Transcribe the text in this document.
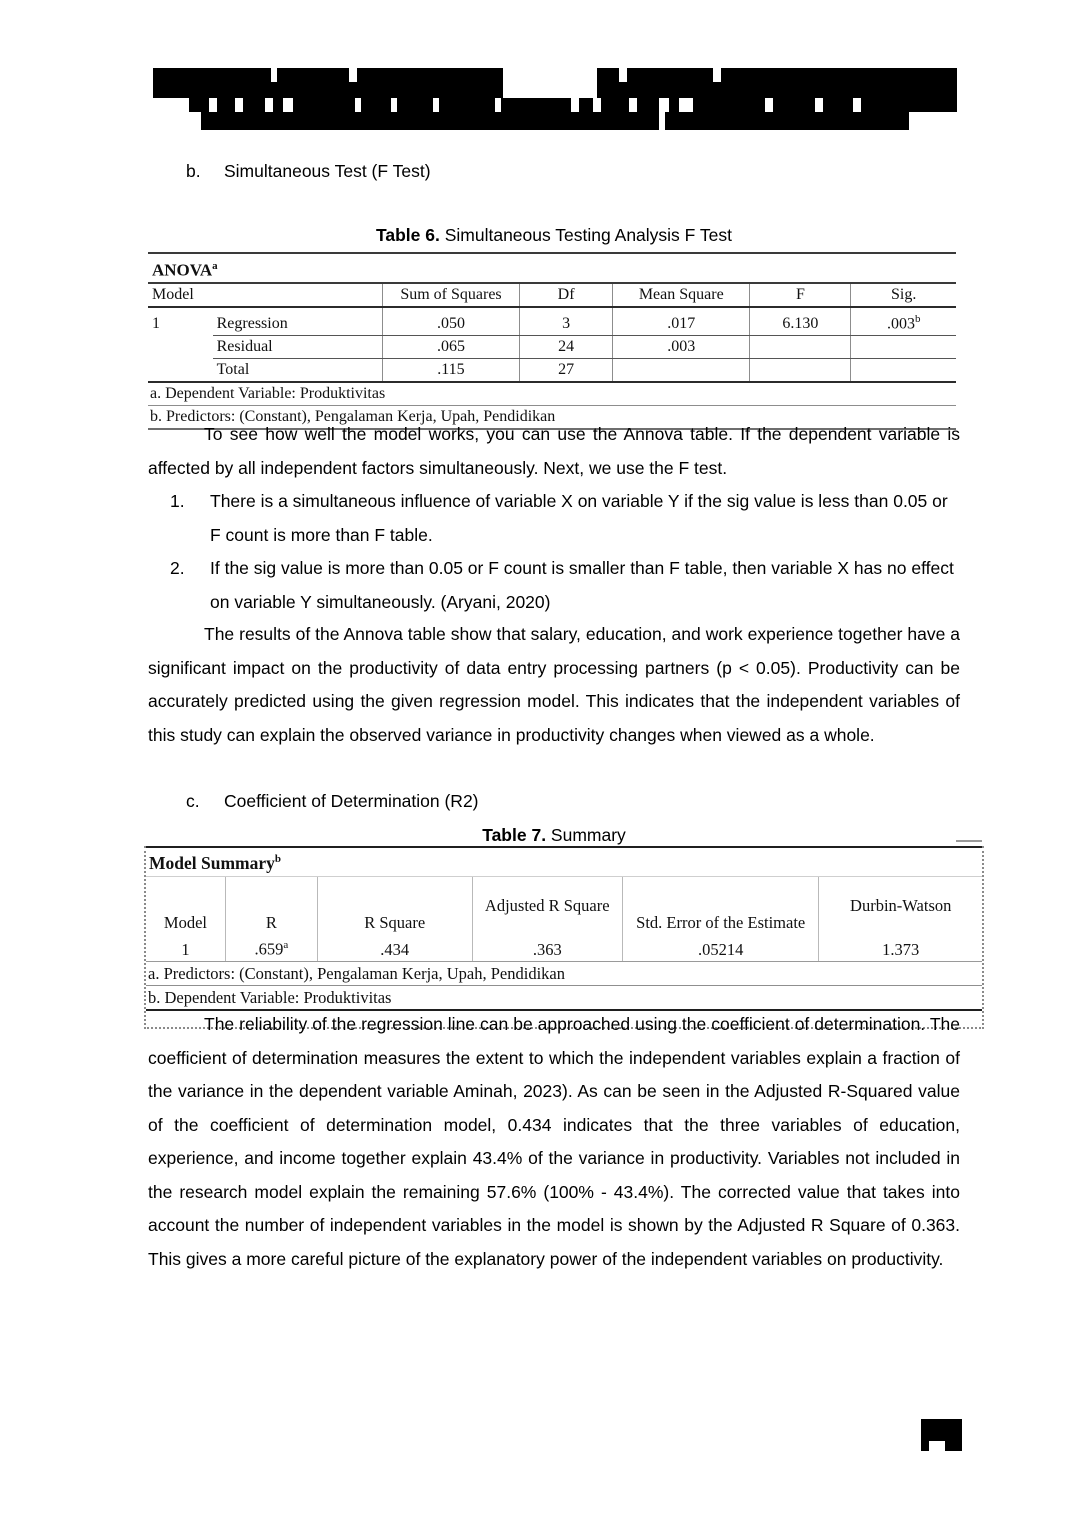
b.	Simultaneous Test (F Test)
Table 6. Simultaneous Testing Analysis F Test
ANOVA$^a$
Model		Sum of Squares	Df	Mean Square	F	Sig.
1	Regression	.050	3	.017	6.130	.003$^b$
	Residual	.065	24	.003		
	Total	.115	27			
a. Dependent Variable: Produktivitas						
b. Predictors: (Constant), Pengalaman Kerja, Upah, Pendidikan						

To see how well the model works, you can use the Annova table. If the dependent variable is affected by all independent factors simultaneously. Next, we use the F test.

1.	There is a simultaneous influence of variable X on variable Y if the sig value is less than 0.05 or F count is more than F table.
2.	If the sig value is more than 0.05 or F count is smaller than F table, then variable X has no effect on variable Y simultaneously. (Aryani, 2020)

The results of the Annova table show that salary, education, and work experience together have a significant impact on the productivity of data entry processing partners (p < 0.05). Productivity can be accurately predicted using the given regression model. This indicates that the independent variables of this study can explain the observed variance in productivity changes when viewed as a whole.

c.	Coefficient of Determination (R2)
Table 7. Summary
Model Summary$^b$
Model	R	R Square	Adjusted R Square	Std. Error of the Estimate	Durbin-Watson
1	.659$^a$	.434	.363	.05214	1.373
a. Predictors: (Constant), Pengalaman Kerja, Upah, Pendidikan					
b. Dependent Variable: Produktivitas					

The reliability of the regression line can be approached using the coefficient of determination. The coefficient of determination measures the extent to which the independent variables explain a fraction of the variance in the dependent variable Aminah, 2023). As can be seen in the Adjusted R-Squared value of the coefficient of determination model, 0.434 indicates that the three variables of education, experience, and income together explain 43.4% of the variance in productivity. Variables not included in the research model explain the remaining 57.6% (100% - 43.4%). The corrected value that takes into account the number of independent variables in the model is shown by the Adjusted R Square of 0.363. This gives a more careful picture of the explanatory power of the independent variables on productivity.
